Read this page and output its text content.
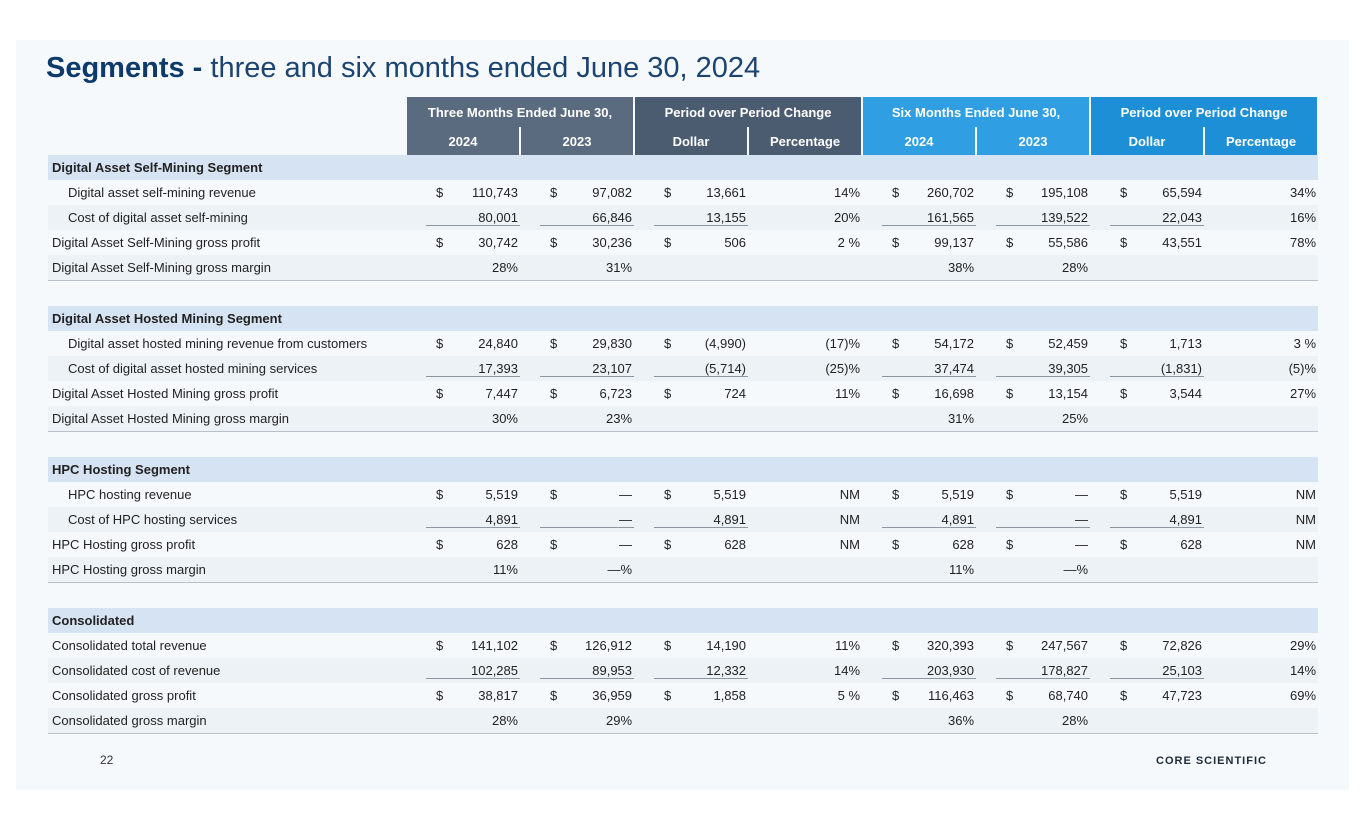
Segments - three and six months ended June 30, 2024
	Three Months Ended June 30,		Period over Period Change		Six Months Ended June 30,		Period over Period Change	
	2024	2023	Dollar	Percentage	2024	2023	Dollar	Percentage
Digital Asset Self-Mining Segment								
Digital asset self-mining revenue	$ 110,743	$ 97,082	$ 13,661	14%	$ 260,702	$ 195,108	$ 65,594	34%

Cost of digital asset self-mining	80,001	66,846	13,155	20%	161,565	139,522	22,043	16%

Digital Asset Self-Mining gross profit	$ 30,742	$ 30,236	$ 506	2 %	$ 99,137	$ 55,586	$ 43,551	78%

Digital Asset Self-Mining gross margin	28%	31%			38%	28%		

Digital Asset Hosted Mining Segment								
Digital asset hosted mining revenue from customers	$ 24,840	$ 29,830	$ (4,990)	(17)%	$ 54,172	$ 52,459	$ 1,713	3 %

Cost of digital asset hosted mining services	17,393	23,107	(5,714)	(25)%	37,474	39,305	(1,831)	(5)%

Digital Asset Hosted Mining gross profit	$ 7,447	$ 6,723	$ 724	11%	$ 16,698	$ 13,154	$ 3,544	27%

Digital Asset Hosted Mining gross margin	30%	23%			31%	25%		

HPC Hosting Segment								
HPC hosting revenue	$ 5,519	$ —	$ 5,519	NM	$ 5,519	$ —	$ 5,519	NM

Cost of HPC hosting services	4,891	—	4,891	NM	4,891	—	4,891	NM

HPC Hosting gross profit	$ 628	$ —	$ 628	NM	$ 628	$ —	$ 628	NM

HPC Hosting gross margin	11%	—%			11%	—%		

Consolidated								
Consolidated total revenue	$ 141,102	$ 126,912	$ 14,190	11%	$ 320,393	$ 247,567	$ 72,826	29%

Consolidated cost of revenue	102,285	89,953	12,332	14%	203,930	178,827	25,103	14%

Consolidated gross profit	$ 38,817	$ 36,959	$ 1,858	5 %	$ 116,463	$ 68,740	$ 47,723	69%

Consolidated gross margin	28%	29%			36%	28%		

22	CORE SCIENTIFIC
